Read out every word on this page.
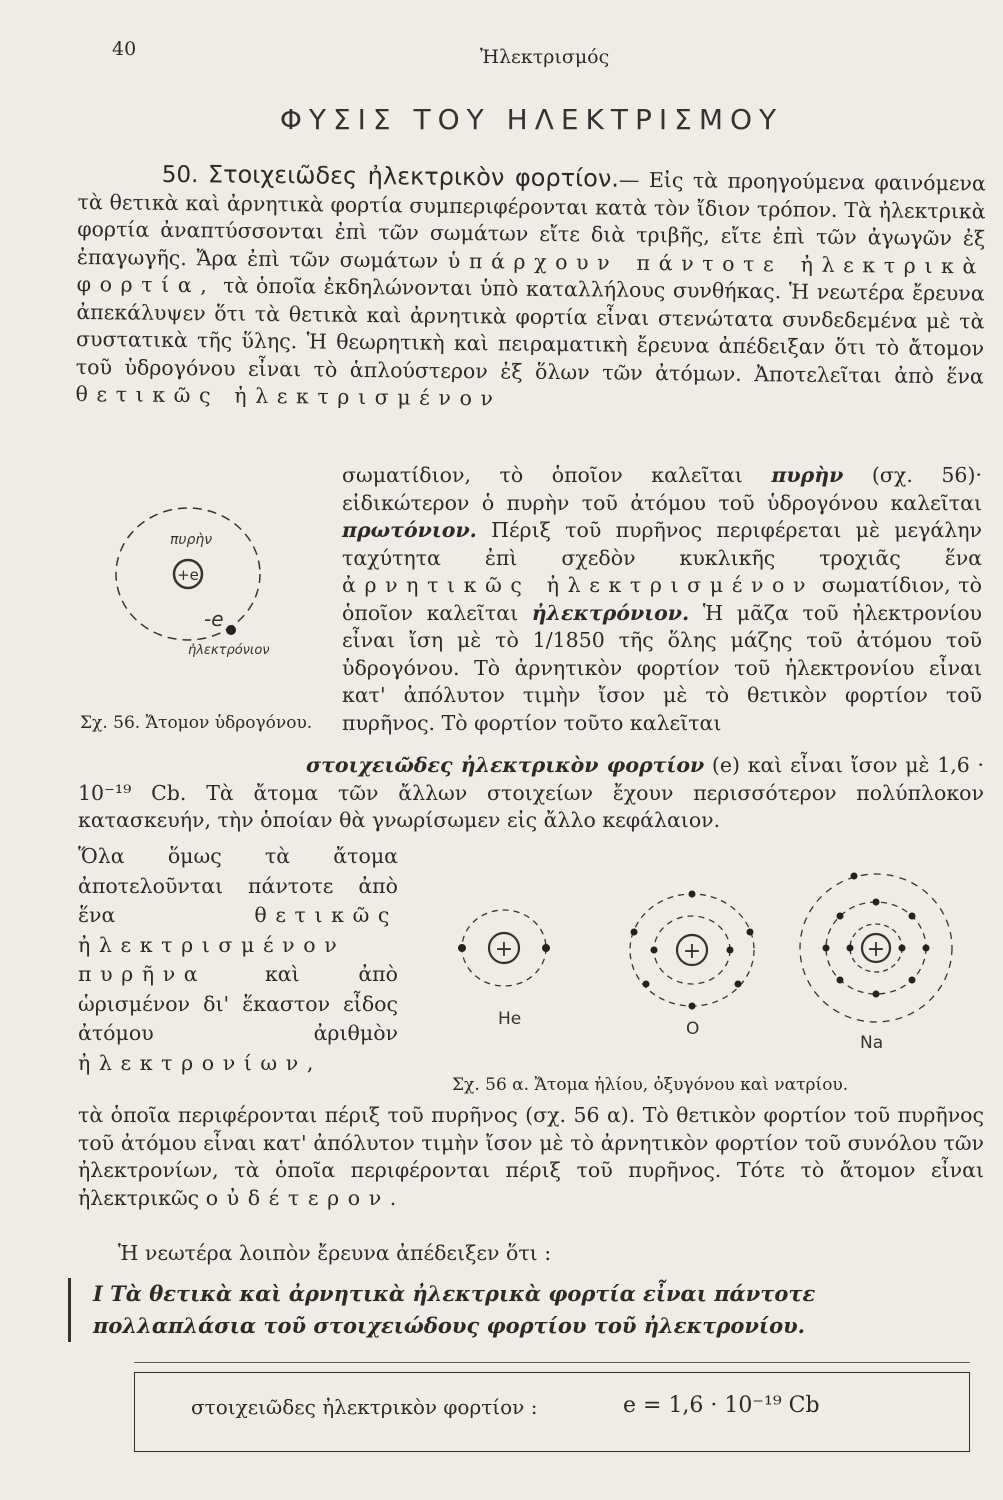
40	Ἠλεκτρισμός
ΦΥΣΙΣ ΤΟΥ ΗΛΕΚΤΡΙΣΜΟΥ
50. Στοιχειῶδες ἠλεκτρικὸν φορτίον.— Εἰς τὰ προηγούμενα φαινόμενα τὰ θετικὰ καὶ ἀρνητικὰ φορτία συμπεριφέρονται κατὰ τὸν ἴδιον τρόπον. Τὰ ἠλεκτρικὰ φορτία ἀναπτύσσονται ἐπὶ τῶν σωμάτων εἴτε διὰ τριβῆς, εἴτε ἐπὶ τῶν ἀγωγῶν ἐξ ἐπαγωγῆς. Ἄρα ἐπὶ τῶν σωμάτων ὑπάρχουν πάντοτε ἠλεκτρικὰ φορτία, τὰ ὁποῖα ἐκδηλώνονται ὑπὸ καταλλήλους συνθήκας. Ἡ νεωτέρα ἔρευνα ἀπεκάλυψεν ὅτι τὰ θετικὰ καὶ ἀρνητικὰ φορτία εἶναι στενώτατα συνδεδεμένα μὲ τὰ συστατικὰ τῆς ὕλης. Ἡ θεωρητικὴ καὶ πειραματικὴ ἔρευνα ἀπέδειξαν ὅτι τὸ ἄτομον τοῦ ὑδρογόνου εἶναι τὸ ἁπλούστερον ἐξ ὅλων τῶν ἀτόμων. Ἀποτελεῖται ἀπὸ ἕνα θετικῶς ἠλεκτρισμένον
σωματίδιον, τὸ ὁποῖον καλεῖται πυρὴν (σχ. 56)· εἰδικώτερον ὁ πυρὴν τοῦ ἀτόμου τοῦ ὑδρογόνου καλεῖται πρωτόνιον. Πέριξ τοῦ πυρῆνος περιφέρεται μὲ μεγάλην ταχύτητα ἐπὶ σχεδὸν κυκλικῆς τροχιᾶς ἕνα ἀρνητικῶς ἠλεκτρισμένον σωματίδιον, τὸ ὁποῖον καλεῖται ἠλεκτρόνιον. Ἡ μᾶζα τοῦ ἠλεκτρονίου εἶναι ἴση μὲ τὸ 1/1850 τῆς ὅλης μάζης τοῦ ἀτόμου τοῦ ὑδρογόνου. Τὸ ἀρνητικὸν φορτίον τοῦ ἠλεκτρονίου εἶναι κατ' ἀπόλυτον τιμὴν ἴσον μὲ τὸ θετικὸν φορτίον τοῦ πυρῆνος. Τὸ φορτίον τοῦτο καλεῖται
στοιχειῶδες ἠλεκτρικὸν φορτίον (e) καὶ εἶναι ἴσον μὲ 1,6 · 10⁻¹⁹ Cb. Τὰ ἄτομα τῶν ἄλλων στοιχείων ἔχουν περισσότερον πολύπλοκον κατασκευήν, τὴν ὁποίαν θὰ γνωρίσωμεν εἰς ἄλλο κεφάλαιον.
+e
πυρὴν
-e
ἠλεκτρόνιον
Σχ. 56. Ἄτομον ὑδρογόνου.
Ὅλα ὅμως τὰ ἄτομα ἀποτελοῦνται πάντοτε ἀπὸ ἕνα	θετικῶς ἠλεκτρισμένον πυρῆνα	καὶ ἀπὸ ὡρισμένον δι' ἕκαστον εἶδος ἀτόμου ἀριθμὸν ἠλεκτρονίων,
+
He
+
O
+
Na
Σχ. 56 α. Ἄτομα ἡλίου, ὀξυγόνου καὶ νατρίου.
τὰ ὁποῖα περιφέρονται πέριξ τοῦ πυρῆνος (σχ. 56 α). Τὸ θετικὸν φορτίον τοῦ πυρῆνος τοῦ ἀτόμου εἶναι κατ' ἀπόλυτον τιμὴν ἴσον μὲ τὸ ἀρνητικὸν φορτίον τοῦ συνόλου τῶν ἠλεκτρονίων, τὰ ὁποῖα περιφέρονται πέριξ τοῦ πυρῆνος. Τότε τὸ ἄτομον εἶναι ἠλεκτρικῶς οὐδέτερον.
Ἡ νεωτέρα λοιπὸν ἔρευνα ἀπέδειξεν ὅτι :
I Τὰ θετικὰ καὶ ἀρνητικὰ ἠλεκτρικὰ φορτία εἶναι πάντοτε πολλαπλάσια τοῦ στοιχειώδους φορτίου τοῦ ἠλεκτρονίου.
στοιχειῶδες ἠλεκτρικὸν φορτίον :	e = 1,6 · 10⁻¹⁹ Cb
